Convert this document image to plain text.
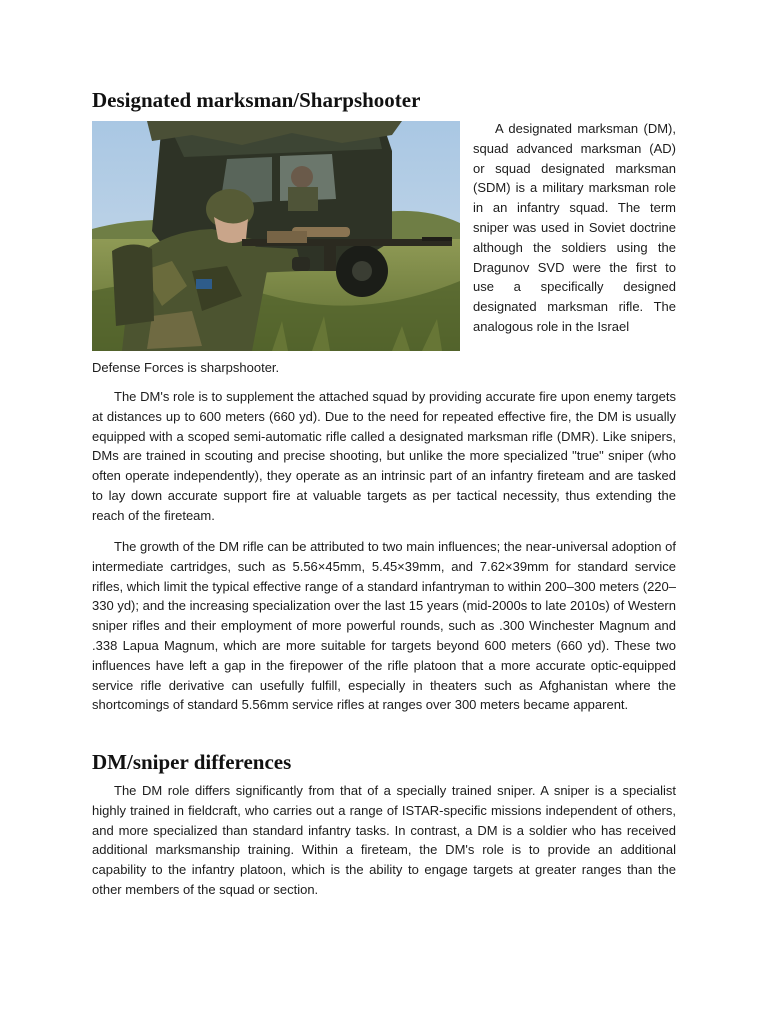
Designated marksman/Sharpshooter
A designated marksman (DM), squad advanced marksman (AD) or squad designated marksman (SDM) is a military marksman role in an infantry squad. The term sniper was used in Soviet doctrine although the soldiers using the Dragunov SVD were the first to use a specifically designed designated marksman rifle. The analogous role in the Israel
Defense Forces is sharpshooter.

The DM's role is to supplement the attached squad by providing accurate fire upon enemy targets at distances up to 600 meters (660 yd). Due to the need for repeated effective fire, the DM is usually equipped with a scoped semi-automatic rifle called a designated marksman rifle (DMR). Like snipers, DMs are trained in scouting and precise shooting, but unlike the more specialized "true" sniper (who often operate independently), they operate as an intrinsic part of an infantry fireteam and are tasked to lay down accurate support fire at valuable targets as per tactical necessity, thus extending the reach of the fireteam.

The growth of the DM rifle can be attributed to two main influences; the near-universal adoption of intermediate cartridges, such as 5.56×45mm, 5.45×39mm, and 7.62×39mm for standard service rifles, which limit the typical effective range of a standard infantryman to within 200–300 meters (220–330 yd); and the increasing specialization over the last 15 years (mid-2000s to late 2010s) of Western sniper rifles and their employment of more powerful rounds, such as .300 Winchester Magnum and .338 Lapua Magnum, which are more suitable for targets beyond 600 meters (660 yd). These two influences have left a gap in the firepower of the rifle platoon that a more accurate optic-equipped service rifle derivative can usefully fulfill, especially in theaters such as Afghanistan where the shortcomings of standard 5.56mm service rifles at ranges over 300 meters became apparent.

DM/sniper differences

The DM role differs significantly from that of a specially trained sniper. A sniper is a specialist highly trained in fieldcraft, who carries out a range of ISTAR-specific missions independent of others, and more specialized than standard infantry tasks. In contrast, a DM is a soldier who has received additional marksmanship training. Within a fireteam, the DM's role is to provide an additional capability to the infantry platoon, which is the ability to engage targets at greater ranges than the other members of the squad or section.
